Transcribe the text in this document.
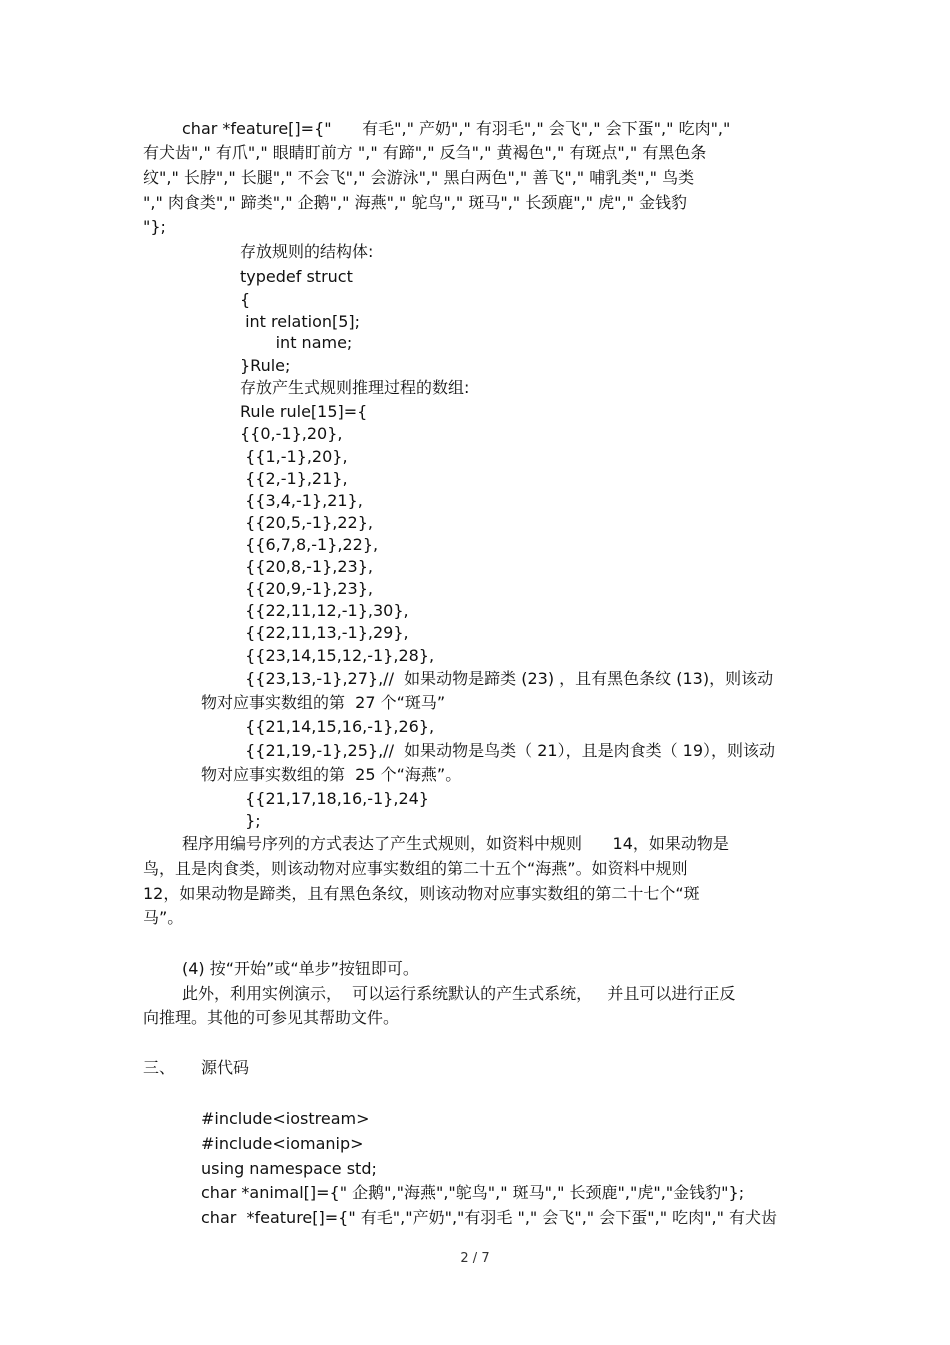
char *feature[]={"      有毛"," 产奶"," 有羽毛"," 会飞"," 会下蛋"," 吃肉","

有犬齿"," 有爪"," 眼睛盯前方 "," 有蹄"," 反刍"," 黄褐色"," 有斑点"," 有黑色条

纹"," 长脖"," 长腿"," 不会飞"," 会游泳"," 黑白两色"," 善飞"," 哺乳类"," 鸟类

"," 肉食类"," 蹄类"," 企鹅"," 海燕"," 鸵鸟"," 斑马"," 长颈鹿"," 虎"," 金钱豹

"};

存放规则的结构体:

typedef struct

{

int relation[5];

int name;

}Rule;

存放产生式规则推理过程的数组:

Rule rule[15]={

{{0,-1},20},

{{1,-1},20},

{{2,-1},21},

{{3,4,-1},21},

{{20,5,-1},22},

{{6,7,8,-1},22},

{{20,8,-1},23},

{{20,9,-1},23},

{{22,11,12,-1},30},

{{22,11,13,-1},29},

{{23,14,15,12,-1},28},

{{23,13,-1},27},//  如果动物是蹄类 (23) ，且有黑色条纹 (13)，则该动

物对应事实数组的第  27 个“斑马”

{{21,14,15,16,-1},26},

{{21,19,-1},25},//  如果动物是鸟类（ 21），且是肉食类（ 19），则该动

物对应事实数组的第  25 个“海燕”。

{{21,17,18,16,-1},24}

};

程序用编号序列的方式表达了产生式规则，如资料中规则      14，如果动物是

鸟，且是肉食类，则该动物对应事实数组的第二十五个“海燕”。如资料中规则

12，如果动物是蹄类，且有黑色条纹，则该动物对应事实数组的第二十七个“斑

马”。

(4) 按“开始”或“单步”按钮即可。

此外，利用实例演示，  可以运行系统默认的产生式系统，   并且可以进行正反

向推理。其他的可参见其帮助文件。

三、 源代码

#include<iostream>

#include<iomanip>

using namespace std;

char *animal[]={" 企鹅","海燕","鸵鸟"," 斑马"," 长颈鹿","虎","金钱豹"};

char  *feature[]={" 有毛","产奶","有羽毛 "," 会飞"," 会下蛋"," 吃肉"," 有犬齿

2 / 7
